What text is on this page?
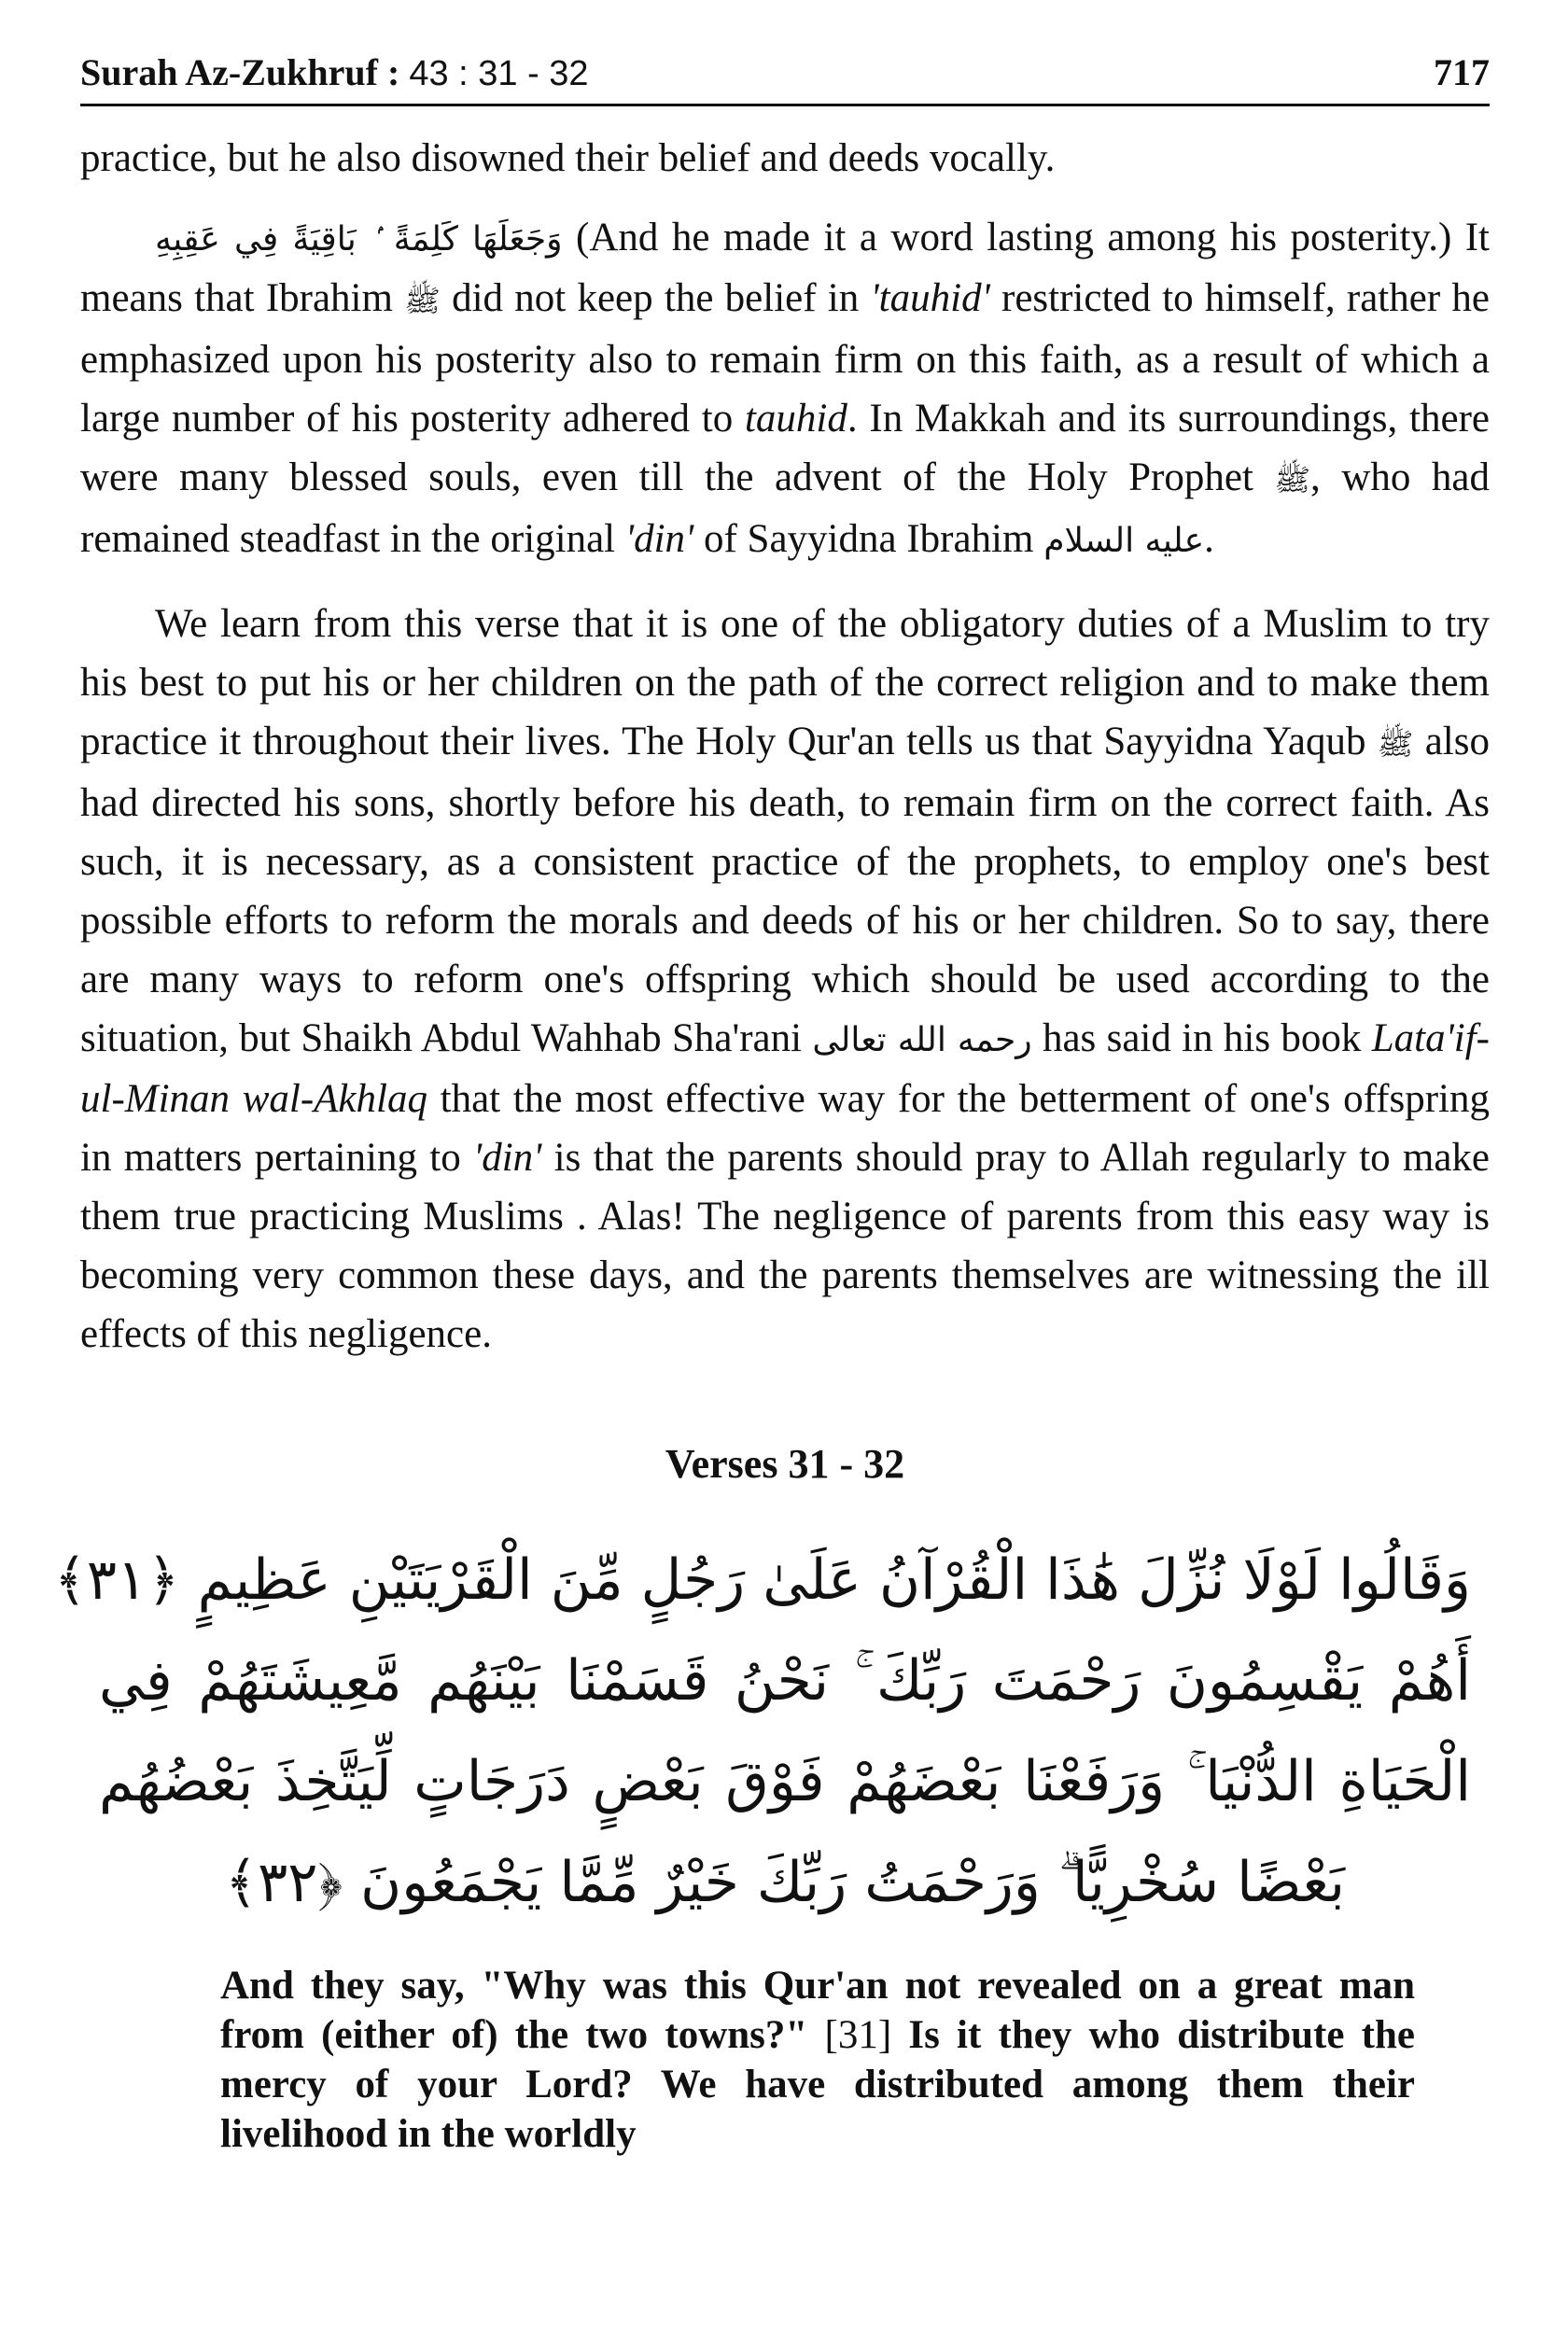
Surah Az-Zukhruf : 43 : 31 - 32	717

practice, but he also disowned their belief and deeds vocally.

وَجَعَلَهَا كَلِمَةً ۢ بَاقِيَةً فِي عَقِبِهِ (And he made it a word lasting among his posterity.) It means that Ibrahim ﷺ did not keep the belief in 'tauhid' restricted to himself, rather he emphasized upon his posterity also to remain firm on this faith, as a result of which a large number of his posterity adhered to tauhid. In Makkah and its surroundings, there were many blessed souls, even till the advent of the Holy Prophet ﷺ, who had remained steadfast in the original 'din' of Sayyidna Ibrahim عليه السلام.

We learn from this verse that it is one of the obligatory duties of a Muslim to try his best to put his or her children on the path of the correct religion and to make them practice it throughout their lives. The Holy Qur'an tells us that Sayyidna Yaqub ﷺ also had directed his sons, shortly before his death, to remain firm on the correct faith. As such, it is necessary, as a consistent practice of the prophets, to employ one's best possible efforts to reform the morals and deeds of his or her children. So to say, there are many ways to reform one's offspring which should be used according to the situation, but Shaikh Abdul Wahhab Sha'rani رحمه الله تعالى has said in his book Lata'if-ul-Minan wal-Akhlaq that the most effective way for the betterment of one's offspring in matters pertaining to 'din' is that the parents should pray to Allah regularly to make them true practicing Muslims . Alas! The negligence of parents from this easy way is becoming very common these days, and the parents themselves are witnessing the ill effects of this negligence.

Verses 31 - 32
وَقَالُوا لَوْلَا نُزِّلَ هَٰذَا الْقُرْآنُ عَلَىٰ رَجُلٍ مِّنَ الْقَرْيَتَيْنِ عَظِيمٍ ﴿٣١﴾
أَهُمْ يَقْسِمُونَ رَحْمَتَ رَبِّكَ ۚ نَحْنُ قَسَمْنَا بَيْنَهُم مَّعِيشَتَهُمْ فِي
الْحَيَاةِ الدُّنْيَا ۚ وَرَفَعْنَا بَعْضَهُمْ فَوْقَ بَعْضٍ دَرَجَاتٍ لِّيَتَّخِذَ بَعْضُهُم
بَعْضًا سُخْرِيًّا ۗ وَرَحْمَتُ رَبِّكَ خَيْرٌ مِّمَّا يَجْمَعُونَ ﴿٣٢﴾

And they say, "Why was this Qur'an not revealed on a great man from (either of) the two towns?" [31] Is it they who distribute the mercy of your Lord? We have distributed among them their livelihood in the worldly
